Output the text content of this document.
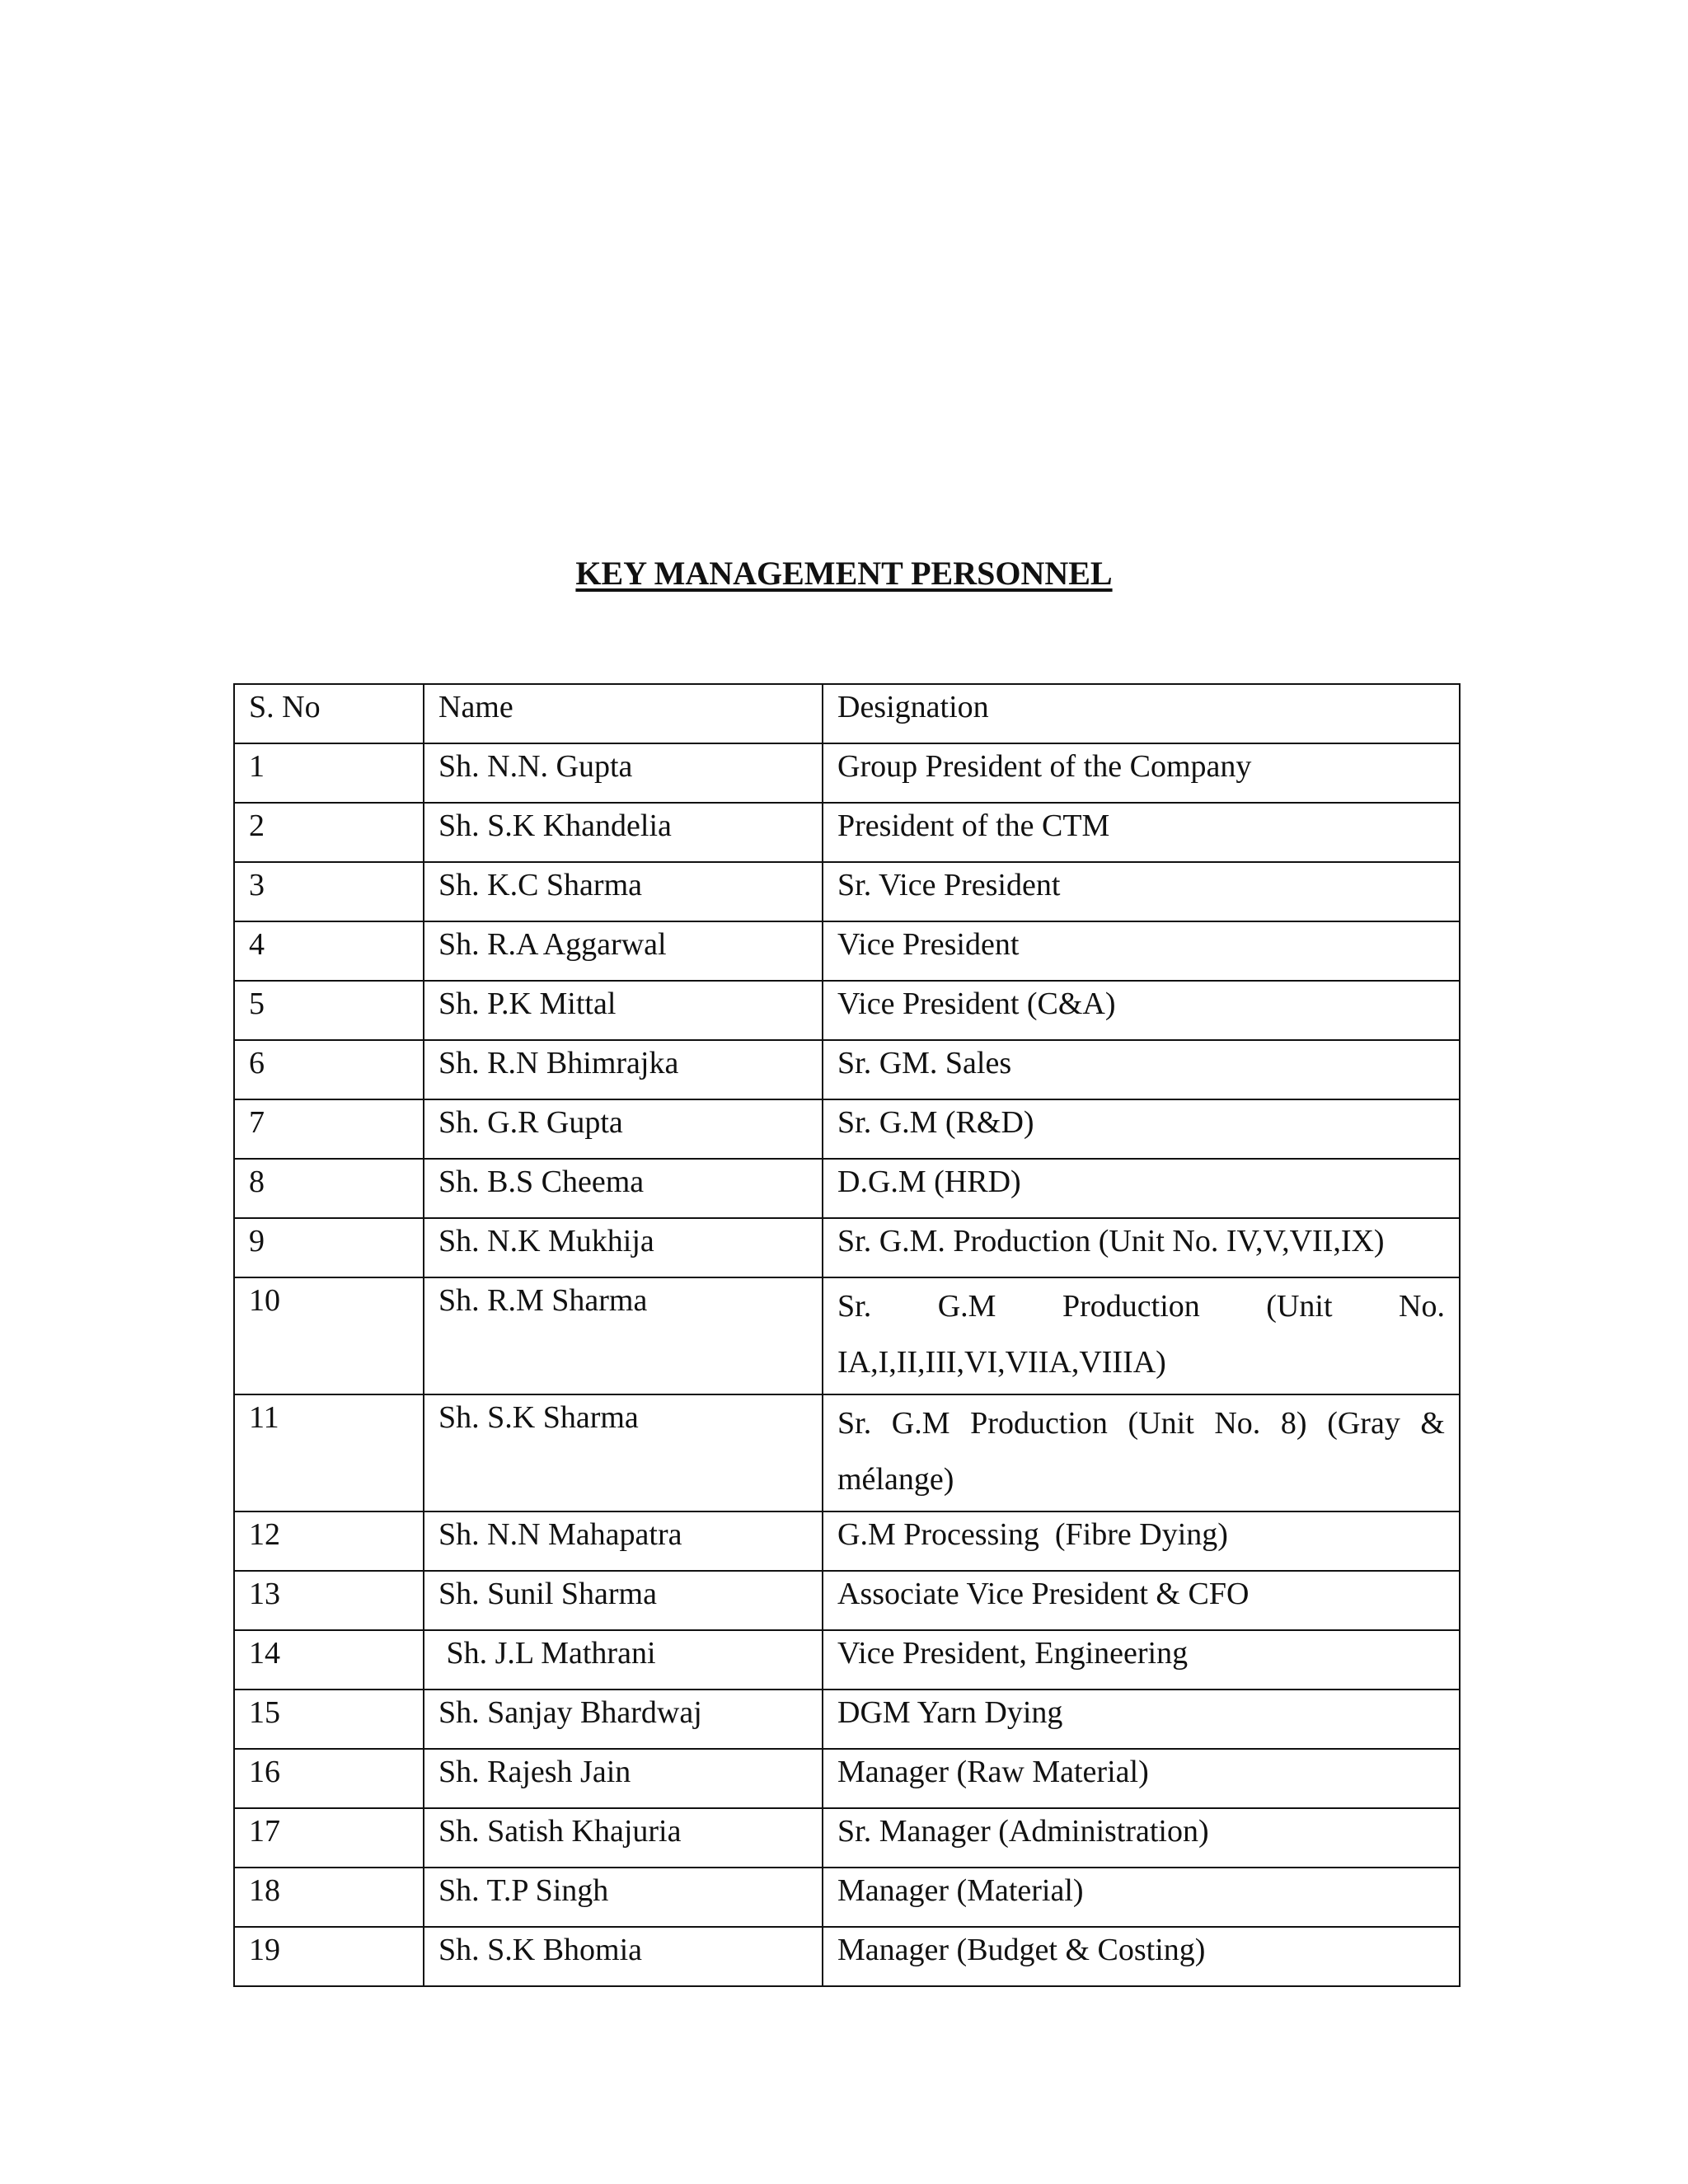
KEY MANAGEMENT PERSONNEL
S. No	Name	Designation

1	Sh. N.N. Gupta	Group President of the Company

2	Sh. S.K Khandelia	President of the CTM

3	Sh. K.C Sharma	Sr. Vice President

4	Sh. R.A Aggarwal	Vice President

5	Sh. P.K Mittal	Vice President (C&A)

6	Sh. R.N Bhimrajka	Sr. GM. Sales

7	Sh. G.R Gupta	Sr. G.M (R&D)

8	Sh. B.S Cheema	D.G.M (HRD)

9	Sh. N.K Mukhija	Sr. G.M. Production (Unit No. IV,V,VII,IX)

10	Sh. R.M Sharma	Sr. G.M Production (Unit No. IA,I,II,III,VI,VIIA,VIIIA)

11	Sh. S.K Sharma	Sr. G.M Production (Unit No. 8) (Gray & mélange)

12	Sh. N.N Mahapatra	G.M Processing  (Fibre Dying)

13	Sh. Sunil Sharma	Associate Vice President & CFO

14	Sh. J.L Mathrani	Vice President, Engineering

15	Sh. Sanjay Bhardwaj	DGM Yarn Dying

16	Sh. Rajesh Jain	Manager (Raw Material)

17	Sh. Satish Khajuria	Sr. Manager (Administration)

18	Sh. T.P Singh	Manager (Material)

19	Sh. S.K Bhomia	Manager (Budget & Costing)
